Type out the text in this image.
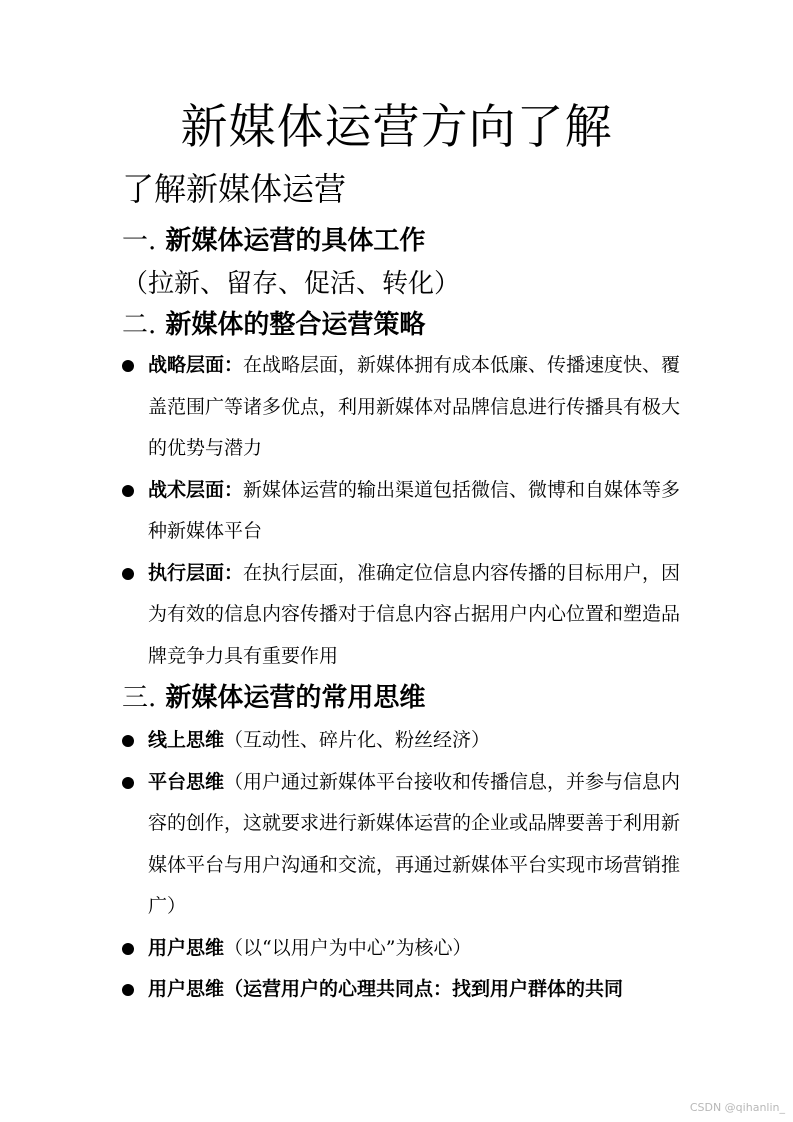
新媒体运营方向了解
了解新媒体运营
一. 新媒体运营的具体工作

（拉新、留存、促活、转化）

二. 新媒体的整合运营策略
战略层面：在战略层面，新媒体拥有成本低廉、传播速度快、覆盖范围广等诸多优点，利用新媒体对品牌信息进行传播具有极大的优势与潜力
战术层面：新媒体运营的输出渠道包括微信、微博和自媒体等多种新媒体平台
执行层面：在执行层面，准确定位信息内容传播的目标用户，因为有效的信息内容传播对于信息内容占据用户内心位置和塑造品牌竞争力具有重要作用
三. 新媒体运营的常用思维
线上思维（互动性、碎片化、粉丝经济）
平台思维（用户通过新媒体平台接收和传播信息，并参与信息内容的创作，这就要求进行新媒体运营的企业或品牌要善于利用新媒体平台与用户沟通和交流，再通过新媒体平台实现市场营销推广）
用户思维（以“以用户为中心”为核心）
用户思维（运营用户的心理共同点：找到用户群体的共同
CSDN @qihanlin_
